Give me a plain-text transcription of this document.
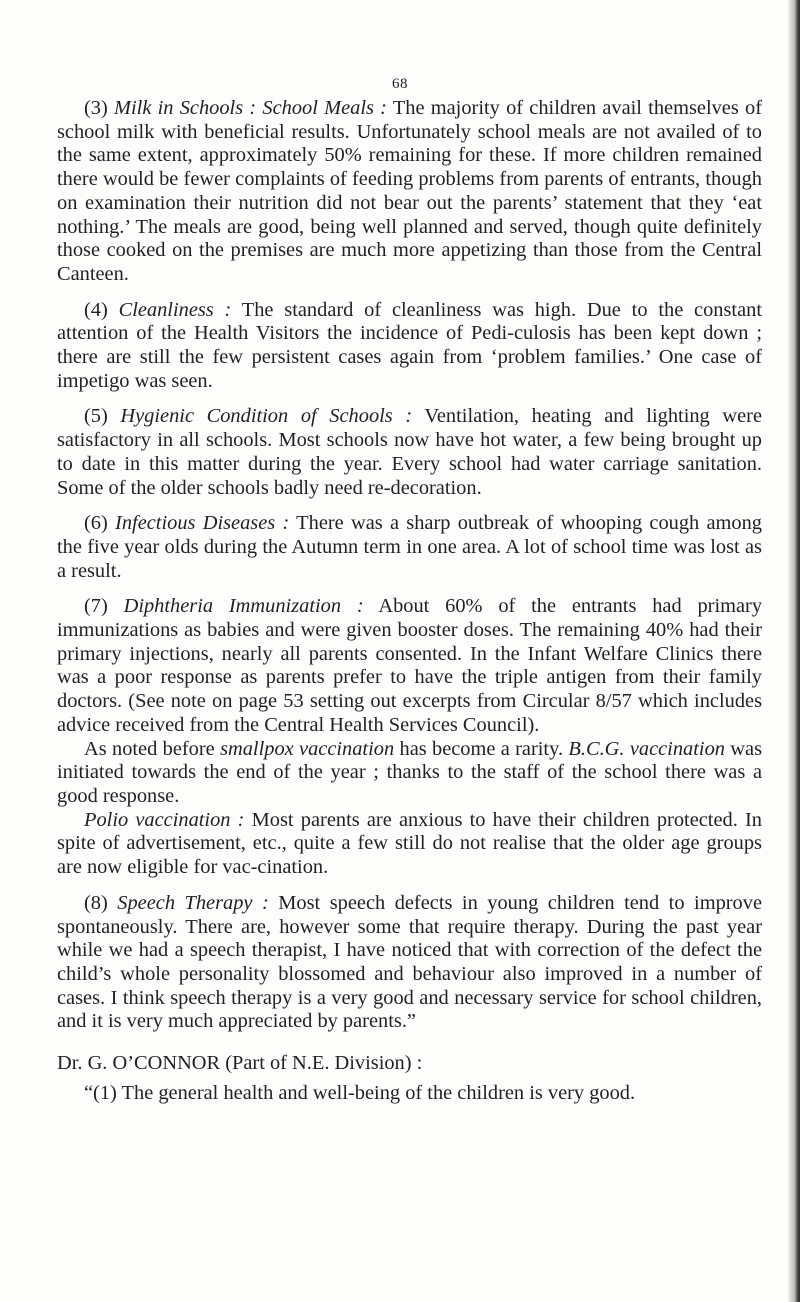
68

(3) Milk in Schools : School Meals : The majority of children avail themselves of school milk with beneficial results. Unfortunately school meals are not availed of to the same extent, approximately 50% remaining for these. If more children remained there would be fewer complaints of feeding problems from parents of entrants, though on examination their nutrition did not bear out the parents’ statement that they ‘eat nothing.’ The meals are good, being well planned and served, though quite definitely those cooked on the premises are much more appetizing than those from the Central Canteen.

(4) Cleanliness : The standard of cleanliness was high. Due to the constant attention of the Health Visitors the incidence of Pedi-culosis has been kept down ; there are still the few persistent cases again from ‘problem families.’ One case of impetigo was seen.

(5) Hygienic Condition of Schools : Ventilation, heating and lighting were satisfactory in all schools. Most schools now have hot water, a few being brought up to date in this matter during the year. Every school had water carriage sanitation. Some of the older schools badly need re-decoration.

(6) Infectious Diseases : There was a sharp outbreak of whooping cough among the five year olds during the Autumn term in one area. A lot of school time was lost as a result.

(7) Diphtheria Immunization : About 60% of the entrants had primary immunizations as babies and were given booster doses. The remaining 40% had their primary injections, nearly all parents consented. In the Infant Welfare Clinics there was a poor response as parents prefer to have the triple antigen from their family doctors. (See note on page 53 setting out excerpts from Circular 8/57 which includes advice received from the Central Health Services Council).

As noted before smallpox vaccination has become a rarity. B.C.G. vaccination was initiated towards the end of the year ; thanks to the staff of the school there was a good response.

Polio vaccination : Most parents are anxious to have their children protected. In spite of advertisement, etc., quite a few still do not realise that the older age groups are now eligible for vac-cination.

(8) Speech Therapy : Most speech defects in young children tend to improve spontaneously. There are, however some that require therapy. During the past year while we had a speech therapist, I have noticed that with correction of the defect the child’s whole personality blossomed and behaviour also improved in a number of cases. I think speech therapy is a very good and necessary service for school children, and it is very much appreciated by parents.”

Dr. G. O’CONNOR (Part of N.E. Division) :

“(1) The general health and well-being of the children is very good.
